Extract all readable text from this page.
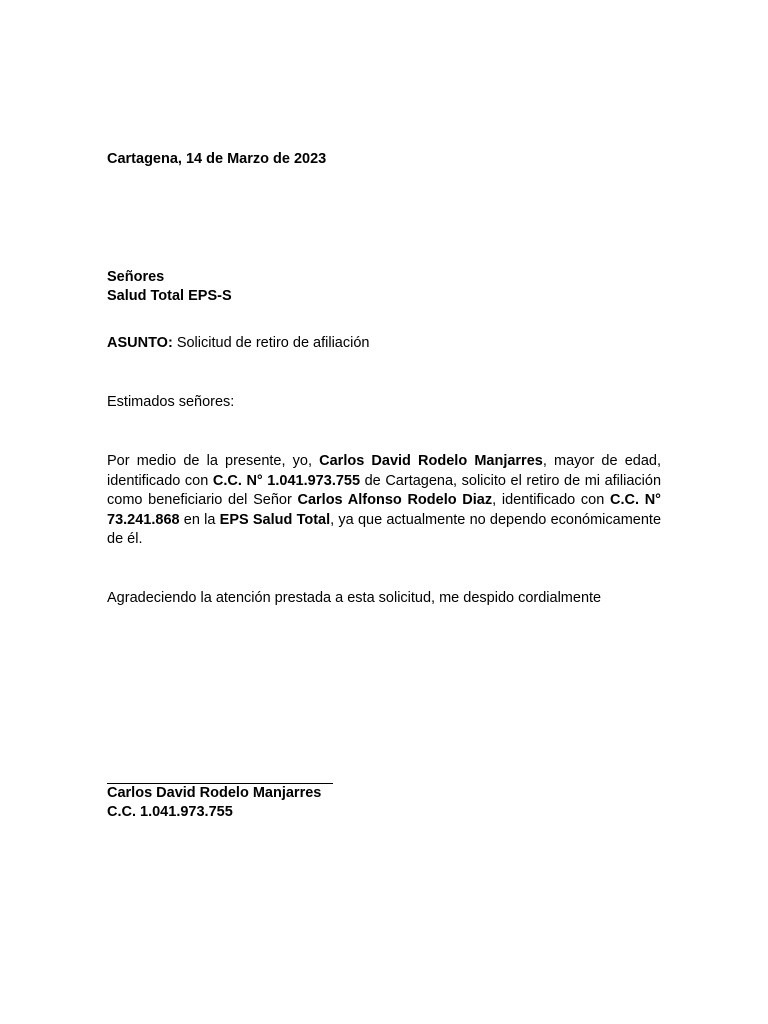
Cartagena, 14 de Marzo de 2023
Señores
Salud Total EPS-S
ASUNTO: Solicitud de retiro de afiliación
Estimados señores:
Por medio de la presente, yo, Carlos David Rodelo Manjarres, mayor de edad, identificado con C.C. N° 1.041.973.755 de Cartagena, solicito el retiro de mi afiliación como beneficiario del Señor Carlos Alfonso Rodelo Diaz, identificado con C.C. N° 73.241.868 en la EPS Salud Total, ya que actualmente no dependo económicamente de él.
Agradeciendo la atención prestada a esta solicitud, me despido cordialmente
Carlos David Rodelo Manjarres
C.C. 1.041.973.755
